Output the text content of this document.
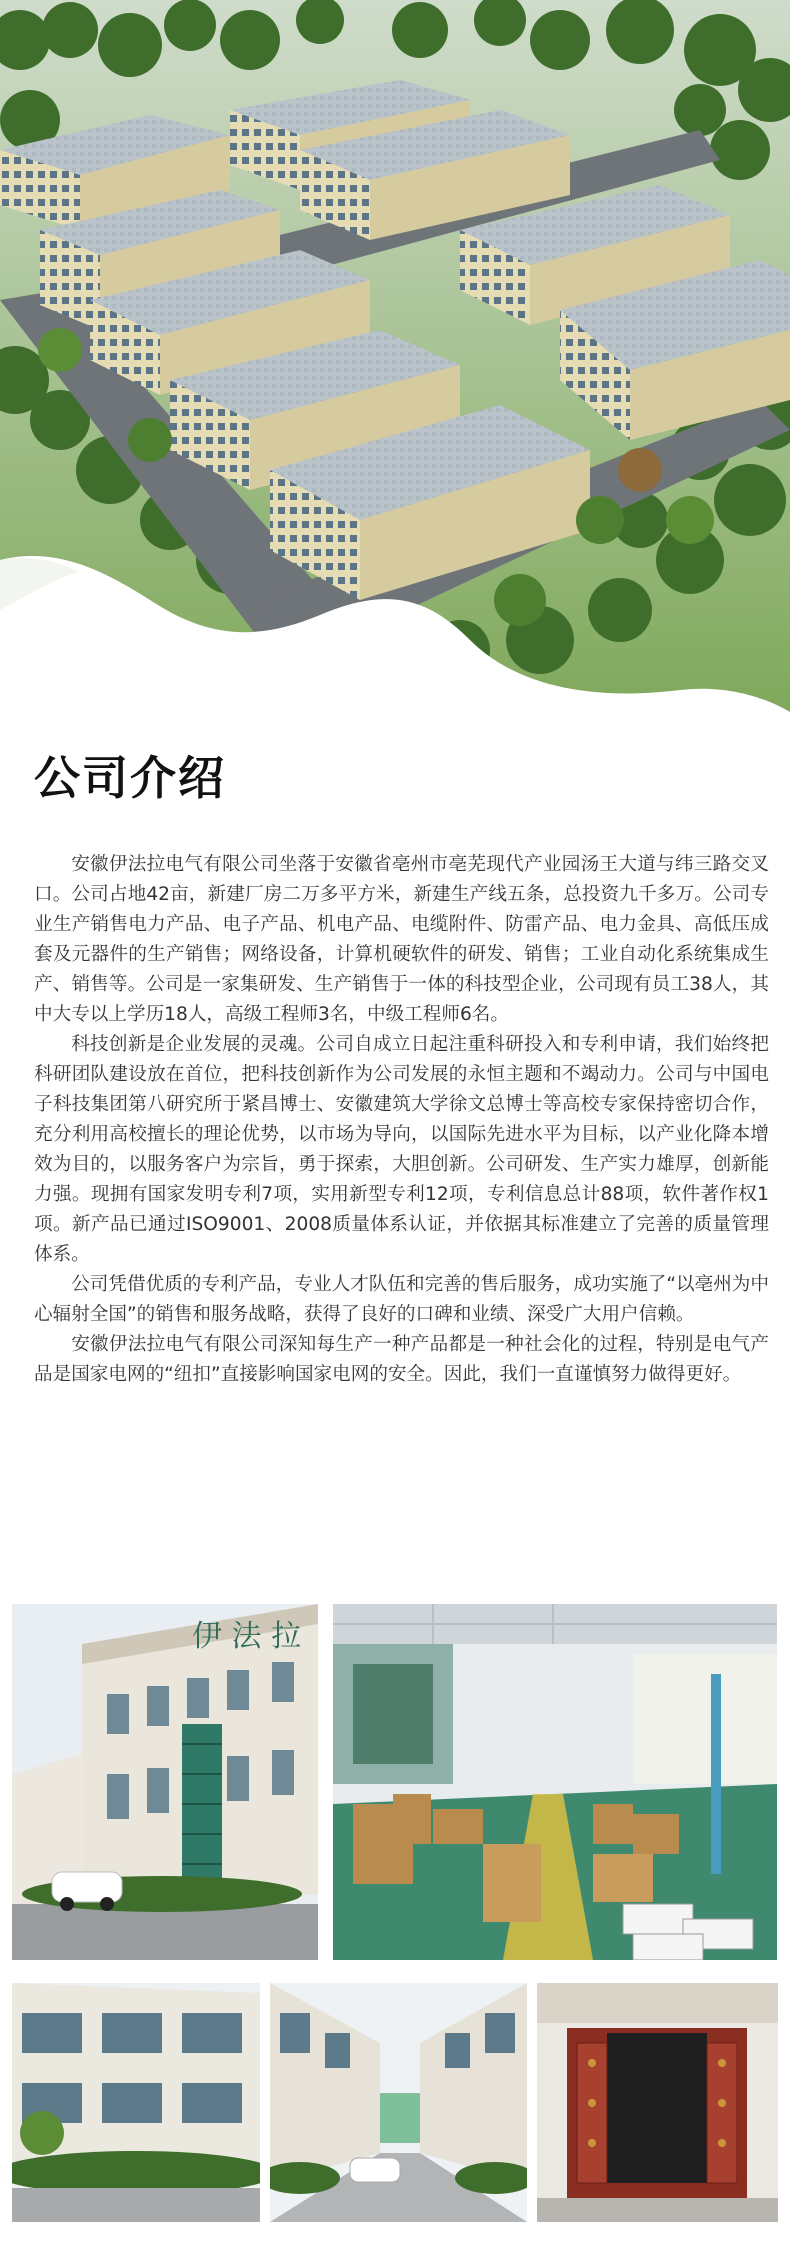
公司介绍

安徽伊法拉电气有限公司坐落于安徽省亳州市亳芜现代产业园汤王大道与纬三路交叉口。公司占地42亩，新建厂房二万多平方米，新建生产线五条，总投资九千多万。公司专业生产销售电力产品、电子产品、机电产品、电缆附件、防雷产品、电力金具、高低压成套及元器件的生产销售；网络设备，计算机硬软件的研发、销售；工业自动化系统集成生产、销售等。公司是一家集研发、生产销售于一体的科技型企业，公司现有员工38人，其中大专以上学历18人，高级工程师3名，中级工程师6名。

科技创新是企业发展的灵魂。公司自成立日起注重科研投入和专利申请，我们始终把科研团队建设放在首位，把科技创新作为公司发展的永恒主题和不竭动力。公司与中国电子科技集团第八研究所于紧昌博士、安徽建筑大学徐文总博士等高校专家保持密切合作，充分利用高校擅长的理论优势，以市场为导向，以国际先进水平为目标，以产业化降本增效为目的，以服务客户为宗旨，勇于探索，大胆创新。公司研发、生产实力雄厚，创新能力强。现拥有国家发明专利7项，实用新型专利12项，专利信息总计88项，软件著作权1项。新产品已通过ISO9001、2008质量体系认证，并依据其标准建立了完善的质量管理体系。

公司凭借优质的专利产品，专业人才队伍和完善的售后服务，成功实施了“以亳州为中心辐射全国”的销售和服务战略，获得了良好的口碑和业绩、深受广大用户信赖。

安徽伊法拉电气有限公司深知每生产一种产品都是一种社会化的过程，特别是电气产品是国家电网的“纽扣”直接影响国家电网的安全。因此，我们一直谨慎努力做得更好。

伊 法 拉
